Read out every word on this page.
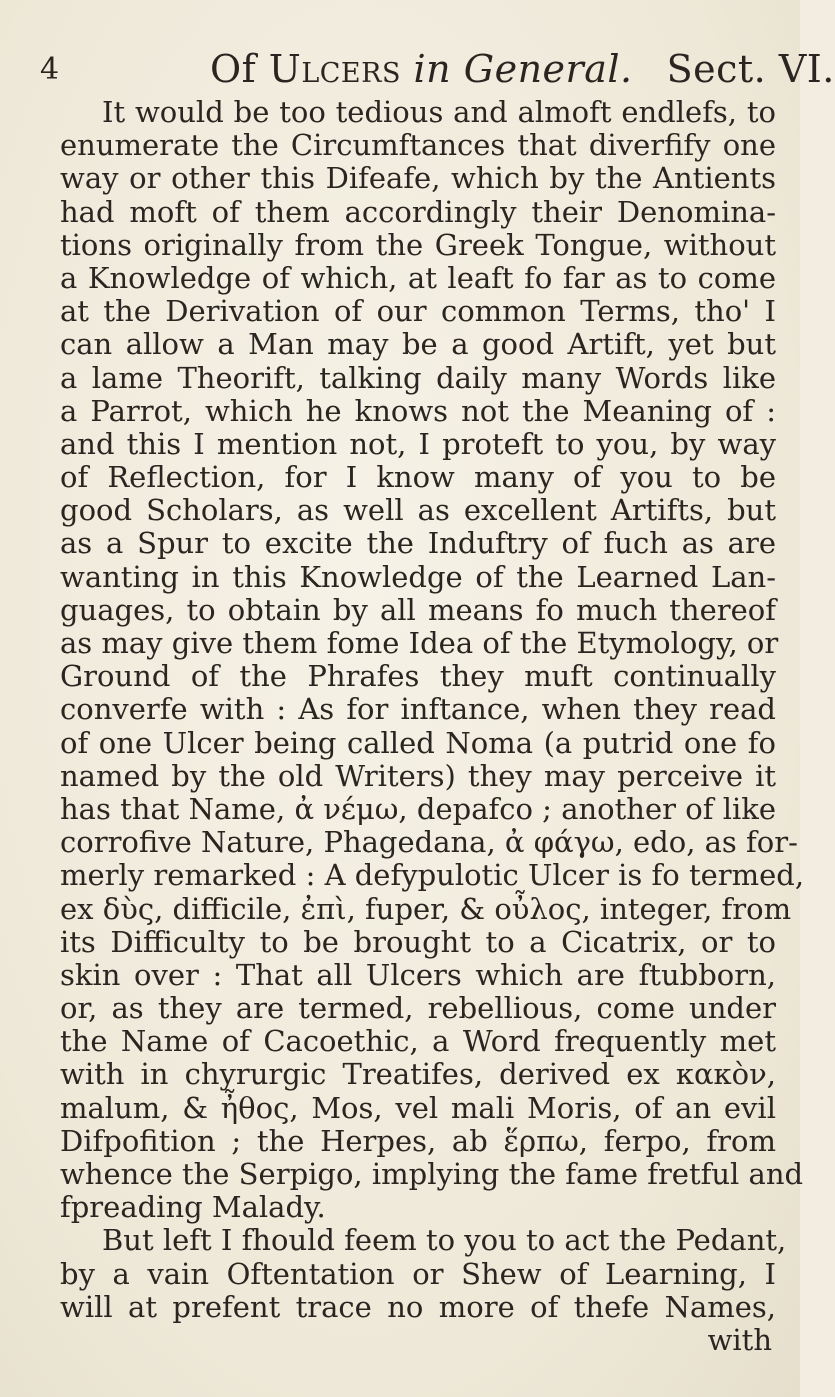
4	Of Ulcers in General. Sect. VI.
It would be too tedious and almoft endlefs, to
enumerate the Circumftances that diverfify one
way or other this Difeafe, which by the Antients
had moft of them accordingly their Denomina-
tions originally from the Greek Tongue, without
a Knowledge of which, at leaft fo far as to come
at the Derivation of our common Terms, tho' I
can allow a Man may be a good Artift, yet but
a lame Theorift, talking daily many Words like
a Parrot, which he knows not the Meaning of :
and this I mention not, I proteft to you, by way
of Reflection, for I know many of you to be
good Scholars, as well as excellent Artifts, but
as a Spur to excite the Induftry of fuch as are
wanting in this Knowledge of the Learned Lan-
guages, to obtain by all means fo much thereof
as may give them fome Idea of the Etymology, or
Ground of the Phrafes they muft continually
converfe with : As for inftance, when they read
of one Ulcer being called Noma (a putrid one fo
named by the old Writers) they may perceive it
has that Name, ἀ νέμω, depafco ; another of like
corrofive Nature, Phagedana, ἀ φάγω, edo, as for-
merly remarked : A defypulotic Ulcer is fo termed,
ex δὺς, difficile, ἐπὶ, fuper, & οὖλος, integer, from
its Difficulty to be brought to a Cicatrix, or to
skin over : That all Ulcers which are ftubborn,
or, as they are termed, rebellious, come under
the Name of Cacoethic, a Word frequently met
with in chyrurgic Treatifes, derived ex κακὸν,
malum, & ἦθος, Mos, vel mali Moris, of an evil
Difpofition ; the Herpes, ab ἕρπω, ferpo, from
whence the Serpigo, implying the fame fretful and
fpreading Malady.
But left I fhould feem to you to act the Pedant,
by a vain Oftentation or Shew of Learning, I
will at prefent trace no more of thefe Names,
with
